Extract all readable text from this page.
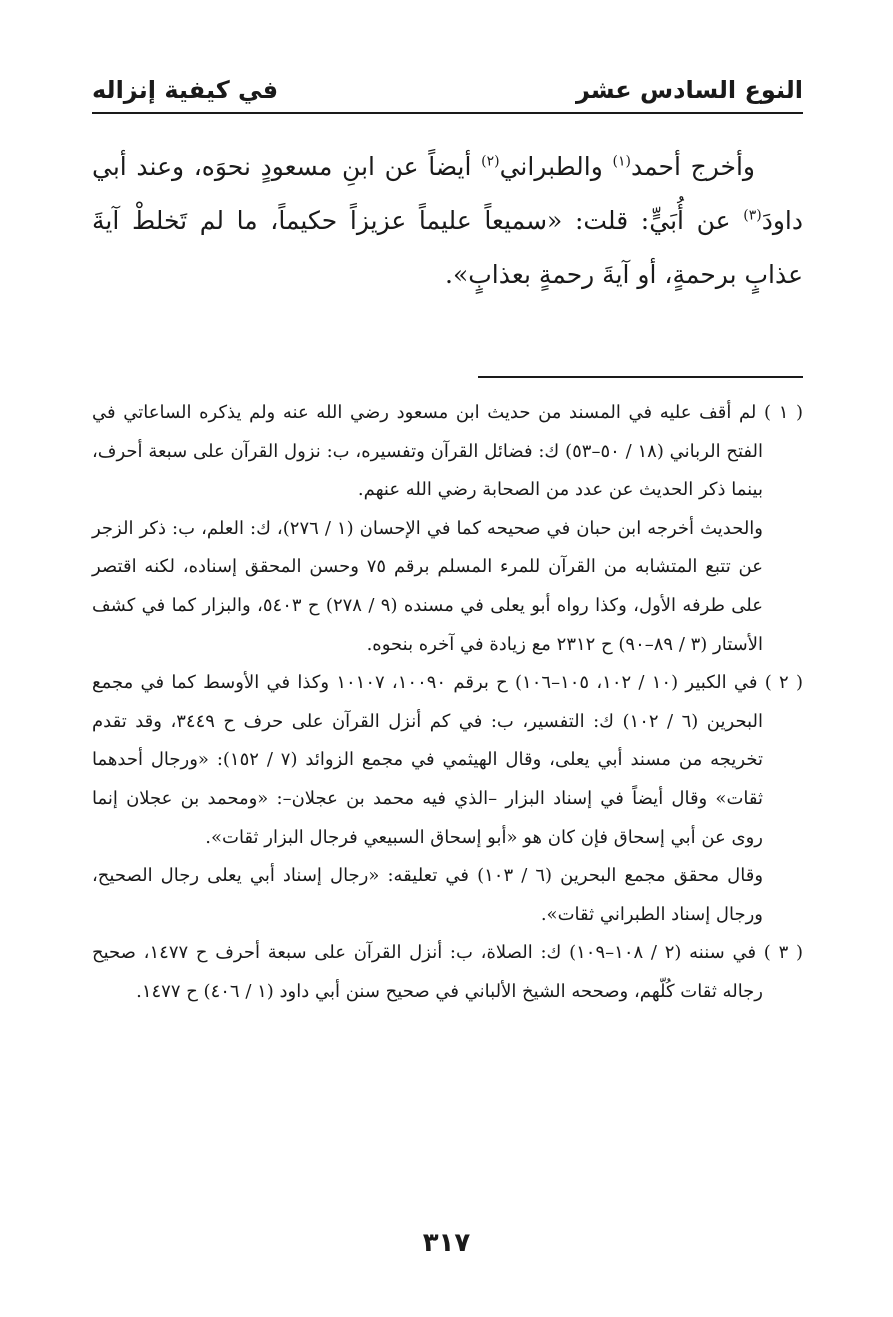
النوع السادس عشر
في كيفية إنزاله

وأخرج أحمد$^{(١)}$ والطبراني$^{(٢)}$ أيضاً عن ابنِ مسعودٍ نحوَه، وعند أبي داودَ$^{(٣)}$ عن أُبَيٍّ: قلت: «سميعاً عليماً عزيزاً حكيماً، ما لم تَخلطْ آيةَ عذابٍ برحمةٍ، أو آيةَ رحمةٍ بعذابٍ».

( ١ ) لم أقف عليه في المسند من حديث ابن مسعود رضي الله عنه ولم يذكره الساعاتي في الفتح الرباني (١٨ / ٥٠–٥٣) ك: فضائل القرآن وتفسيره، ب: نزول القرآن على سبعة أحرف، بينما ذكر الحديث عن عدد من الصحابة رضي الله عنهم.

والحديث أخرجه ابن حبان في صحيحه كما في الإحسان (١ / ٢٧٦)، ك: العلم، ب: ذكر الزجر عن تتبع المتشابه من القرآن للمرء المسلم برقم ٧٥ وحسن المحقق إسناده، لكنه اقتصر على طرفه الأول، وكذا رواه أبو يعلى في مسنده (٩ / ٢٧٨) ح ٥٤٠٣، والبزار كما في كشف الأستار (٣ / ٨٩–٩٠) ح ٢٣١٢ مع زيادة في آخره بنحوه.

( ٢ ) في الكبير (١٠ / ١٠٢، ١٠٥–١٠٦) ح برقم ١٠٠٩٠، ١٠١٠٧ وكذا في الأوسط كما في مجمع البحرين (٦ / ١٠٢) ك: التفسير، ب: في كم أنزل القرآن على حرف ح ٣٤٤٩، وقد تقدم تخريجه من مسند أبي يعلى، وقال الهيثمي في مجمع الزوائد (٧ / ١٥٢): «ورجال أحدهما ثقات» وقال أيضاً في إسناد البزار –الذي فيه محمد بن عجلان–: «ومحمد بن عجلان إنما روى عن أبي إسحاق فإن كان هو «أبو إسحاق السبيعي فرجال البزار ثقات».

وقال محقق مجمع البحرين (٦ / ١٠٣) في تعليقه: «رجال إسناد أبي يعلى رجال الصحيح، ورجال إسناد الطبراني ثقات».

( ٣ ) في سننه (٢ / ١٠٨–١٠٩) ك: الصلاة، ب: أنزل القرآن على سبعة أحرف ح ١٤٧٧، صحيح رجاله ثقات كُلّهم، وصححه الشيخ الألباني في صحيح سنن أبي داود (١ / ٤٠٦) ح ١٤٧٧.

٣١٧
